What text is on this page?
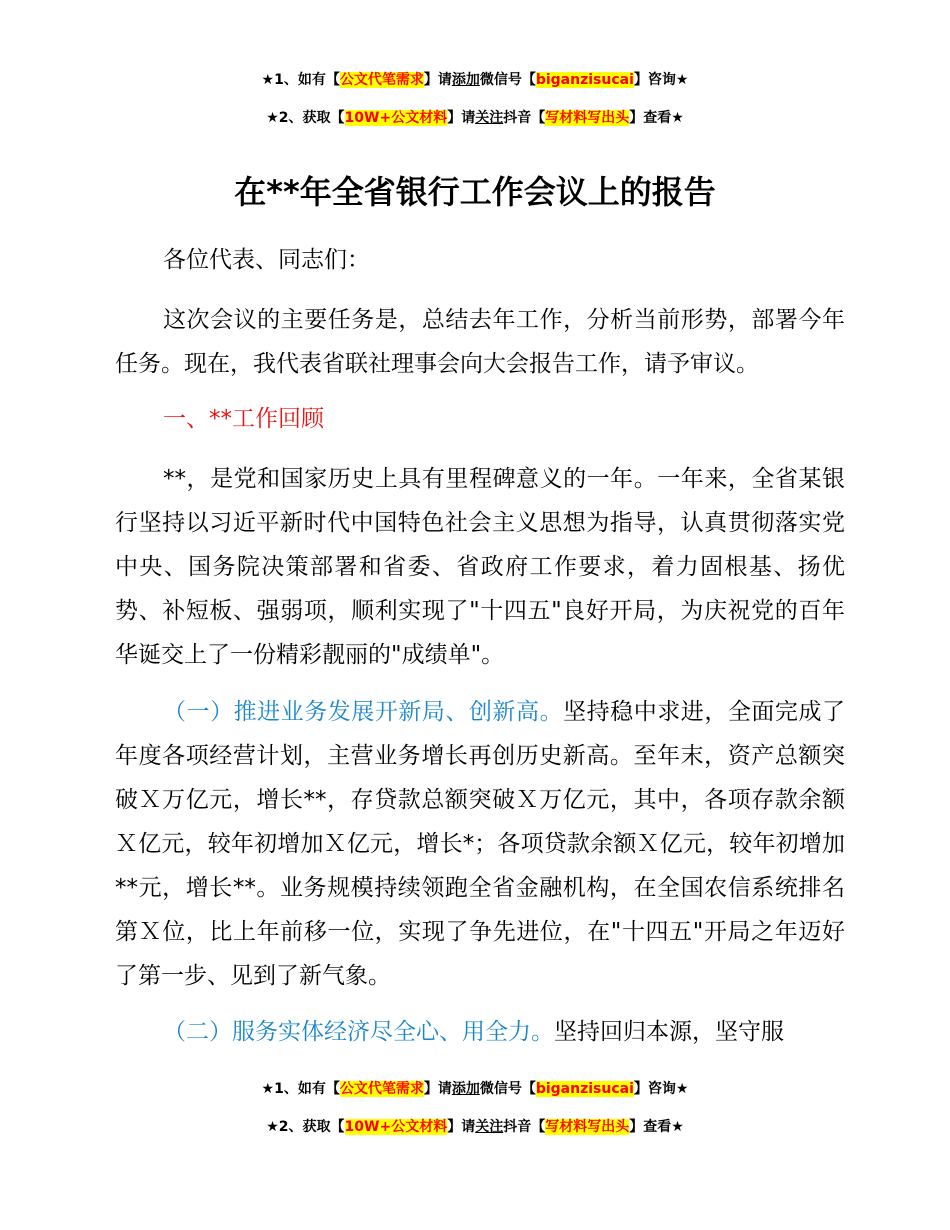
★1、如有【公文代笔需求】请添加微信号【biganzisucai】咨询★
★2、获取【10W+公文材料】请关注抖音【写材料写出头】查看★
在**年全省银行工作会议上的报告

各位代表、同志们：

这次会议的主要任务是，总结去年工作，分析当前形势，部署今年任务。现在，我代表省联社理事会向大会报告工作，请予审议。

一、**工作回顾

**，是党和国家历史上具有里程碑意义的一年。一年来，全省某银行坚持以习近平新时代中国特色社会主义思想为指导，认真贯彻落实党中央、国务院决策部署和省委、省政府工作要求，着力固根基、扬优势、补短板、强弱项，顺利实现了"十四五"良好开局，为庆祝党的百年华诞交上了一份精彩靓丽的"成绩单"。

（一）推进业务发展开新局、创新高。坚持稳中求进，全面完成了年度各项经营计划，主营业务增长再创历史新高。至年末，资产总额突破Ｘ万亿元，增长**，存贷款总额突破Ｘ万亿元，其中，各项存款余额Ｘ亿元，较年初增加Ｘ亿元，增长*；各项贷款余额Ｘ亿元，较年初增加**元，增长**。业务规模持续领跑全省金融机构，在全国农信系统排名第Ｘ位，比上年前移一位，实现了争先进位，在"十四五"开局之年迈好了第一步、见到了新气象。

（二）服务实体经济尽全心、用全力。坚持回归本源，坚守服

★1、如有【公文代笔需求】请添加微信号【biganzisucai】咨询★
★2、获取【10W+公文材料】请关注抖音【写材料写出头】查看★
